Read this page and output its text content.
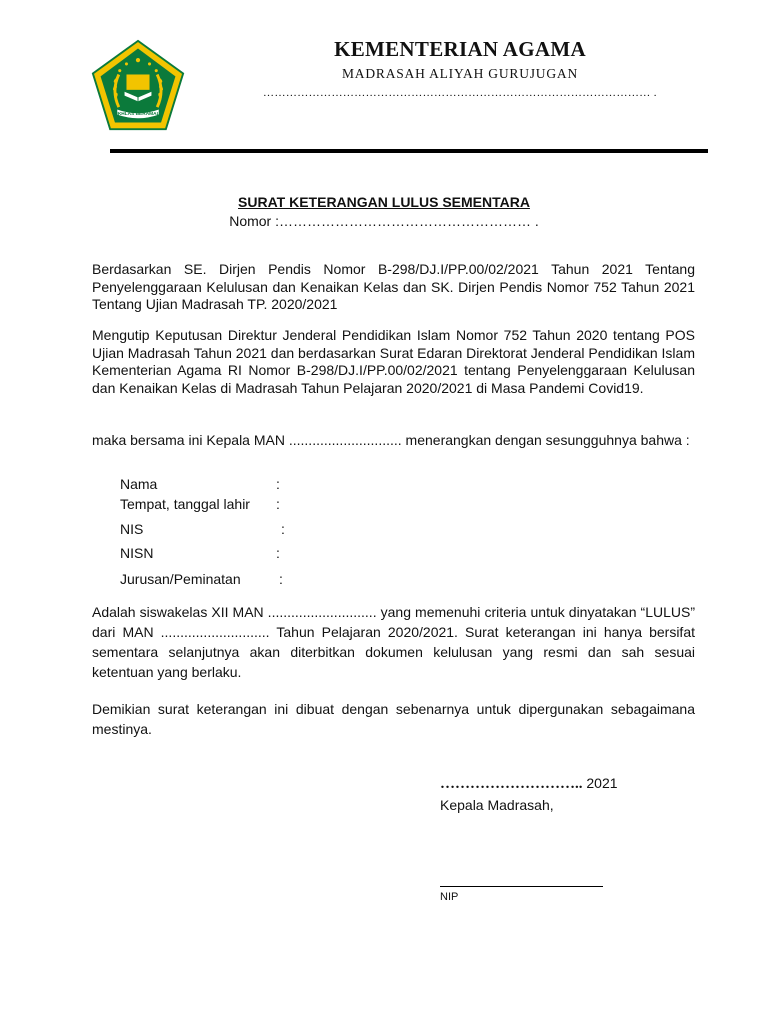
IKHLAS BERAMAL
KEMENTERIAN AGAMA
MADRASAH ALIYAH GURUJUGAN
………………………………………………………………………………………… .
SURAT KETERANGAN LULUS SEMENTARA
Nomor :……………………………………………… .

Berdasarkan SE. Dirjen Pendis Nomor B-298/DJ.I/PP.00/02/2021 Tahun 2021 Tentang Penyelenggaraan Kelulusan dan Kenaikan Kelas dan SK. Dirjen Pendis Nomor 752 Tahun 2021 Tentang Ujian Madrasah TP. 2020/2021

Mengutip Keputusan Direktur Jenderal Pendidikan Islam Nomor 752 Tahun 2020 tentang POS Ujian Madrasah Tahun 2021 dan berdasarkan Surat Edaran Direktorat Jenderal Pendidikan Islam Kementerian Agama RI Nomor B-298/DJ.I/PP.00/02/2021 tentang Penyelenggaraan Kelulusan dan Kenaikan Kelas di Madrasah Tahun Pelajaran 2020/2021 di Masa Pandemi Covid19.

maka bersama ini Kepala MAN ............................. menerangkan dengan sesungguhnya bahwa :

Nama	:
Tempat, tanggal lahir :
NIS	:
NISN	:
Jurusan/Peminatan	:

Adalah siswakelas XII MAN ............................ yang memenuhi criteria untuk dinyatakan “LULUS” dari MAN ............................ Tahun Pelajaran 2020/2021. Surat keterangan ini hanya bersifat sementara selanjutnya akan diterbitkan dokumen kelulusan yang resmi dan sah sesuai ketentuan yang berlaku.

Demikian surat keterangan ini dibuat dengan sebenarnya untuk dipergunakan sebagaimana mestinya.

……………………….. 2021
Kepala Madrasah,
NIP
